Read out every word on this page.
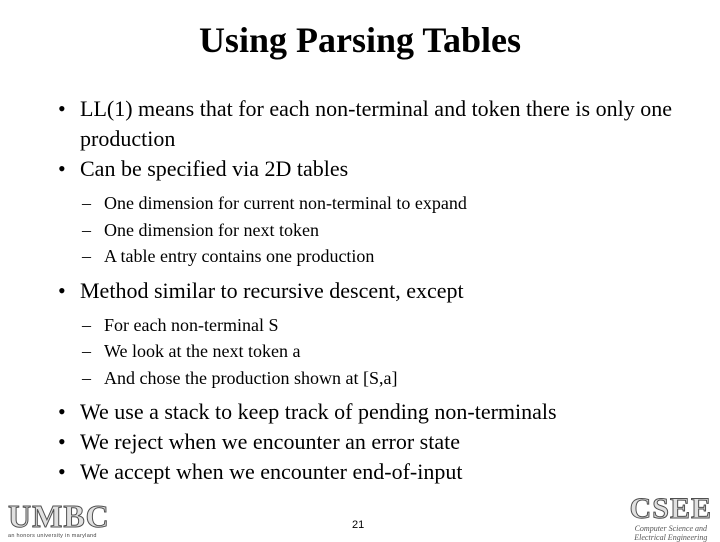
Using Parsing Tables
• LL(1) means that for each non-terminal and token there is only one production
• Can be specified via 2D tables
– One dimension for current non-terminal to expand
– One dimension for next token
– A table entry contains one production
• Method similar to recursive descent, except
– For each non-terminal S
– We look at the next token a
– And chose the production shown at [S,a]
• We use a stack to keep track of pending non-terminals
• We reject when we encounter an error state
• We accept when we encounter end-of-input
UMBC
an honors university in maryland
21	CSEE
Computer Science and
Electrical Engineering
